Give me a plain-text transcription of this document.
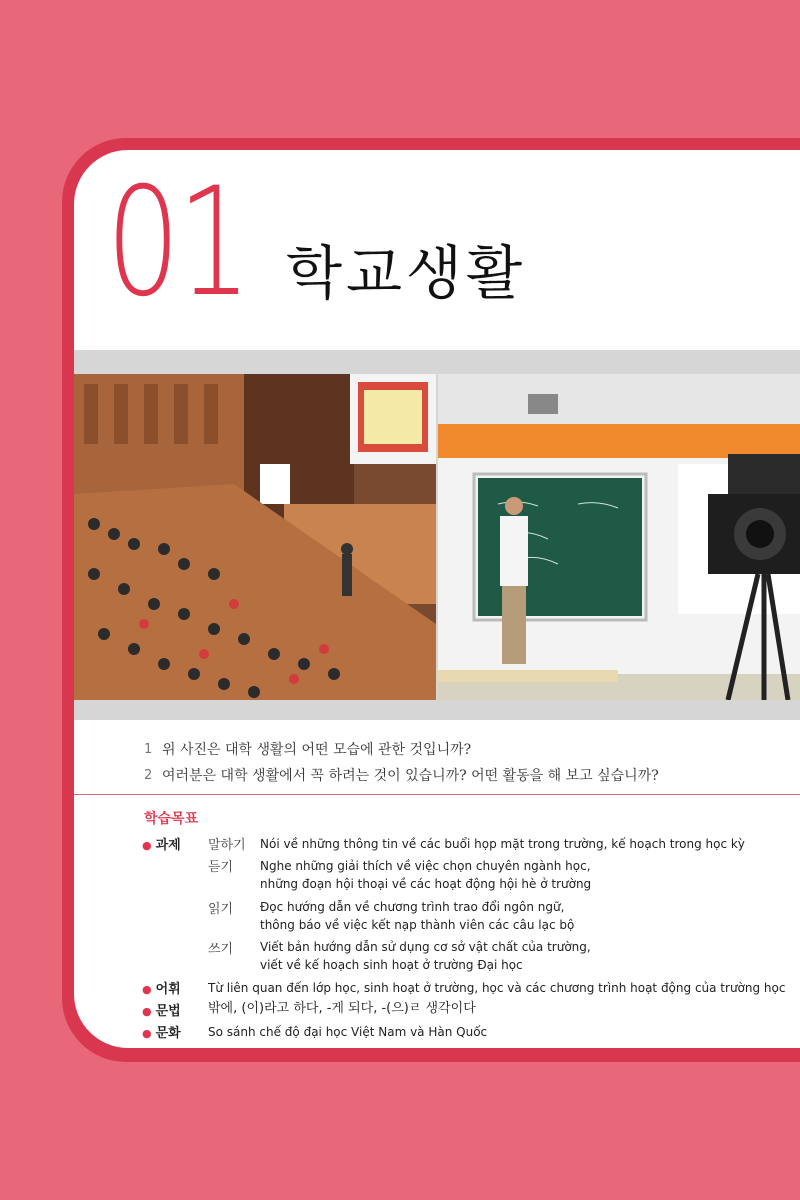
01 학교생활
1 위 사진은 대학 생활의 어떤 모습에 관한 것입니까?
2 여러분은 대학 생활에서 꼭 하려는 것이 있습니까? 어떤 활동을 해 보고 싶습니까?
학습목표
● 과제 말하기 Nói về những thông tin về các buổi họp mặt trong trường, kế hoạch trong học kỳ
듣기 Nghe những giải thích về việc chọn chuyên ngành học,
những đoạn hội thoại về các hoạt động hội hè ở trường
읽기 Đọc hướng dẫn về chương trình trao đổi ngôn ngữ,
thông báo về việc kết nạp thành viên các câu lạc bộ
쓰기 Viết bản hướng dẫn sử dụng cơ sở vật chất của trường,
viết về kế hoạch sinh hoạt ở trường Đại học
● 어휘 Từ liên quan đến lớp học, sinh hoạt ở trường, học và các chương trình hoạt động của trường học
● 문법 밖에, (이)라고 하다, -게 되다, -(으)ㄹ 생각이다
● 문화 So sánh chế độ đại học Việt Nam và Hàn Quốc
